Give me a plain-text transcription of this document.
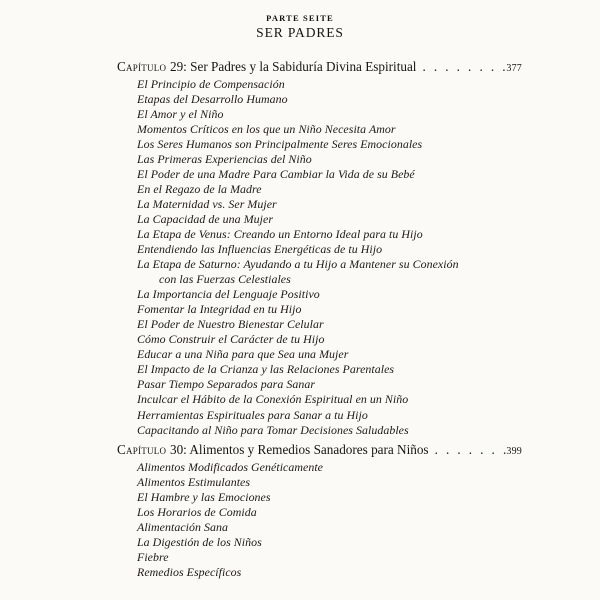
PARTE SEITE
SER PADRES
Capítulo 29: Ser Padres y la Sabiduría Divina Espiritual . . .	377
El Principio de Compensación
Etapas del Desarrollo Humano
El Amor y el Niño
Momentos Críticos en los que un Niño Necesita Amor
Los Seres Humanos son Principalmente Seres Emocionales
Las Primeras Experiencias del Niño
El Poder de una Madre Para Cambiar la Vida de su Bebé
En el Regazo de la Madre
La Maternidad vs. Ser Mujer
La Capacidad de una Mujer
La Etapa de Venus: Creando un Entorno Ideal para tu Hijo
Entendiendo las Influencias Energéticas de tu Hijo
La Etapa de Saturno: Ayudando a tu Hijo a Mantener su Conexión
con las Fuerzas Celestiales
La Importancia del Lenguaje Positivo
Fomentar la Integridad en tu Hijo
El Poder de Nuestro Bienestar Celular
Cómo Construir el Carácter de tu Hijo
Educar a una Niña para que Sea una Mujer
El Impacto de la Crianza y las Relaciones Parentales
Pasar Tiempo Separados para Sanar
Inculcar el Hábito de la Conexión Espiritual en un Niño
Herramientas Espirituales para Sanar a tu Hijo
Capacitando al Niño para Tomar Decisiones Saludables
Capítulo 30: Alimentos y Remedios Sanadores para Niños . . .	399
Alimentos Modificados Genéticamente
Alimentos Estimulantes
El Hambre y las Emociones
Los Horarios de Comida
Alimentación Sana
La Digestión de los Niños
Fiebre
Remedios Específicos
